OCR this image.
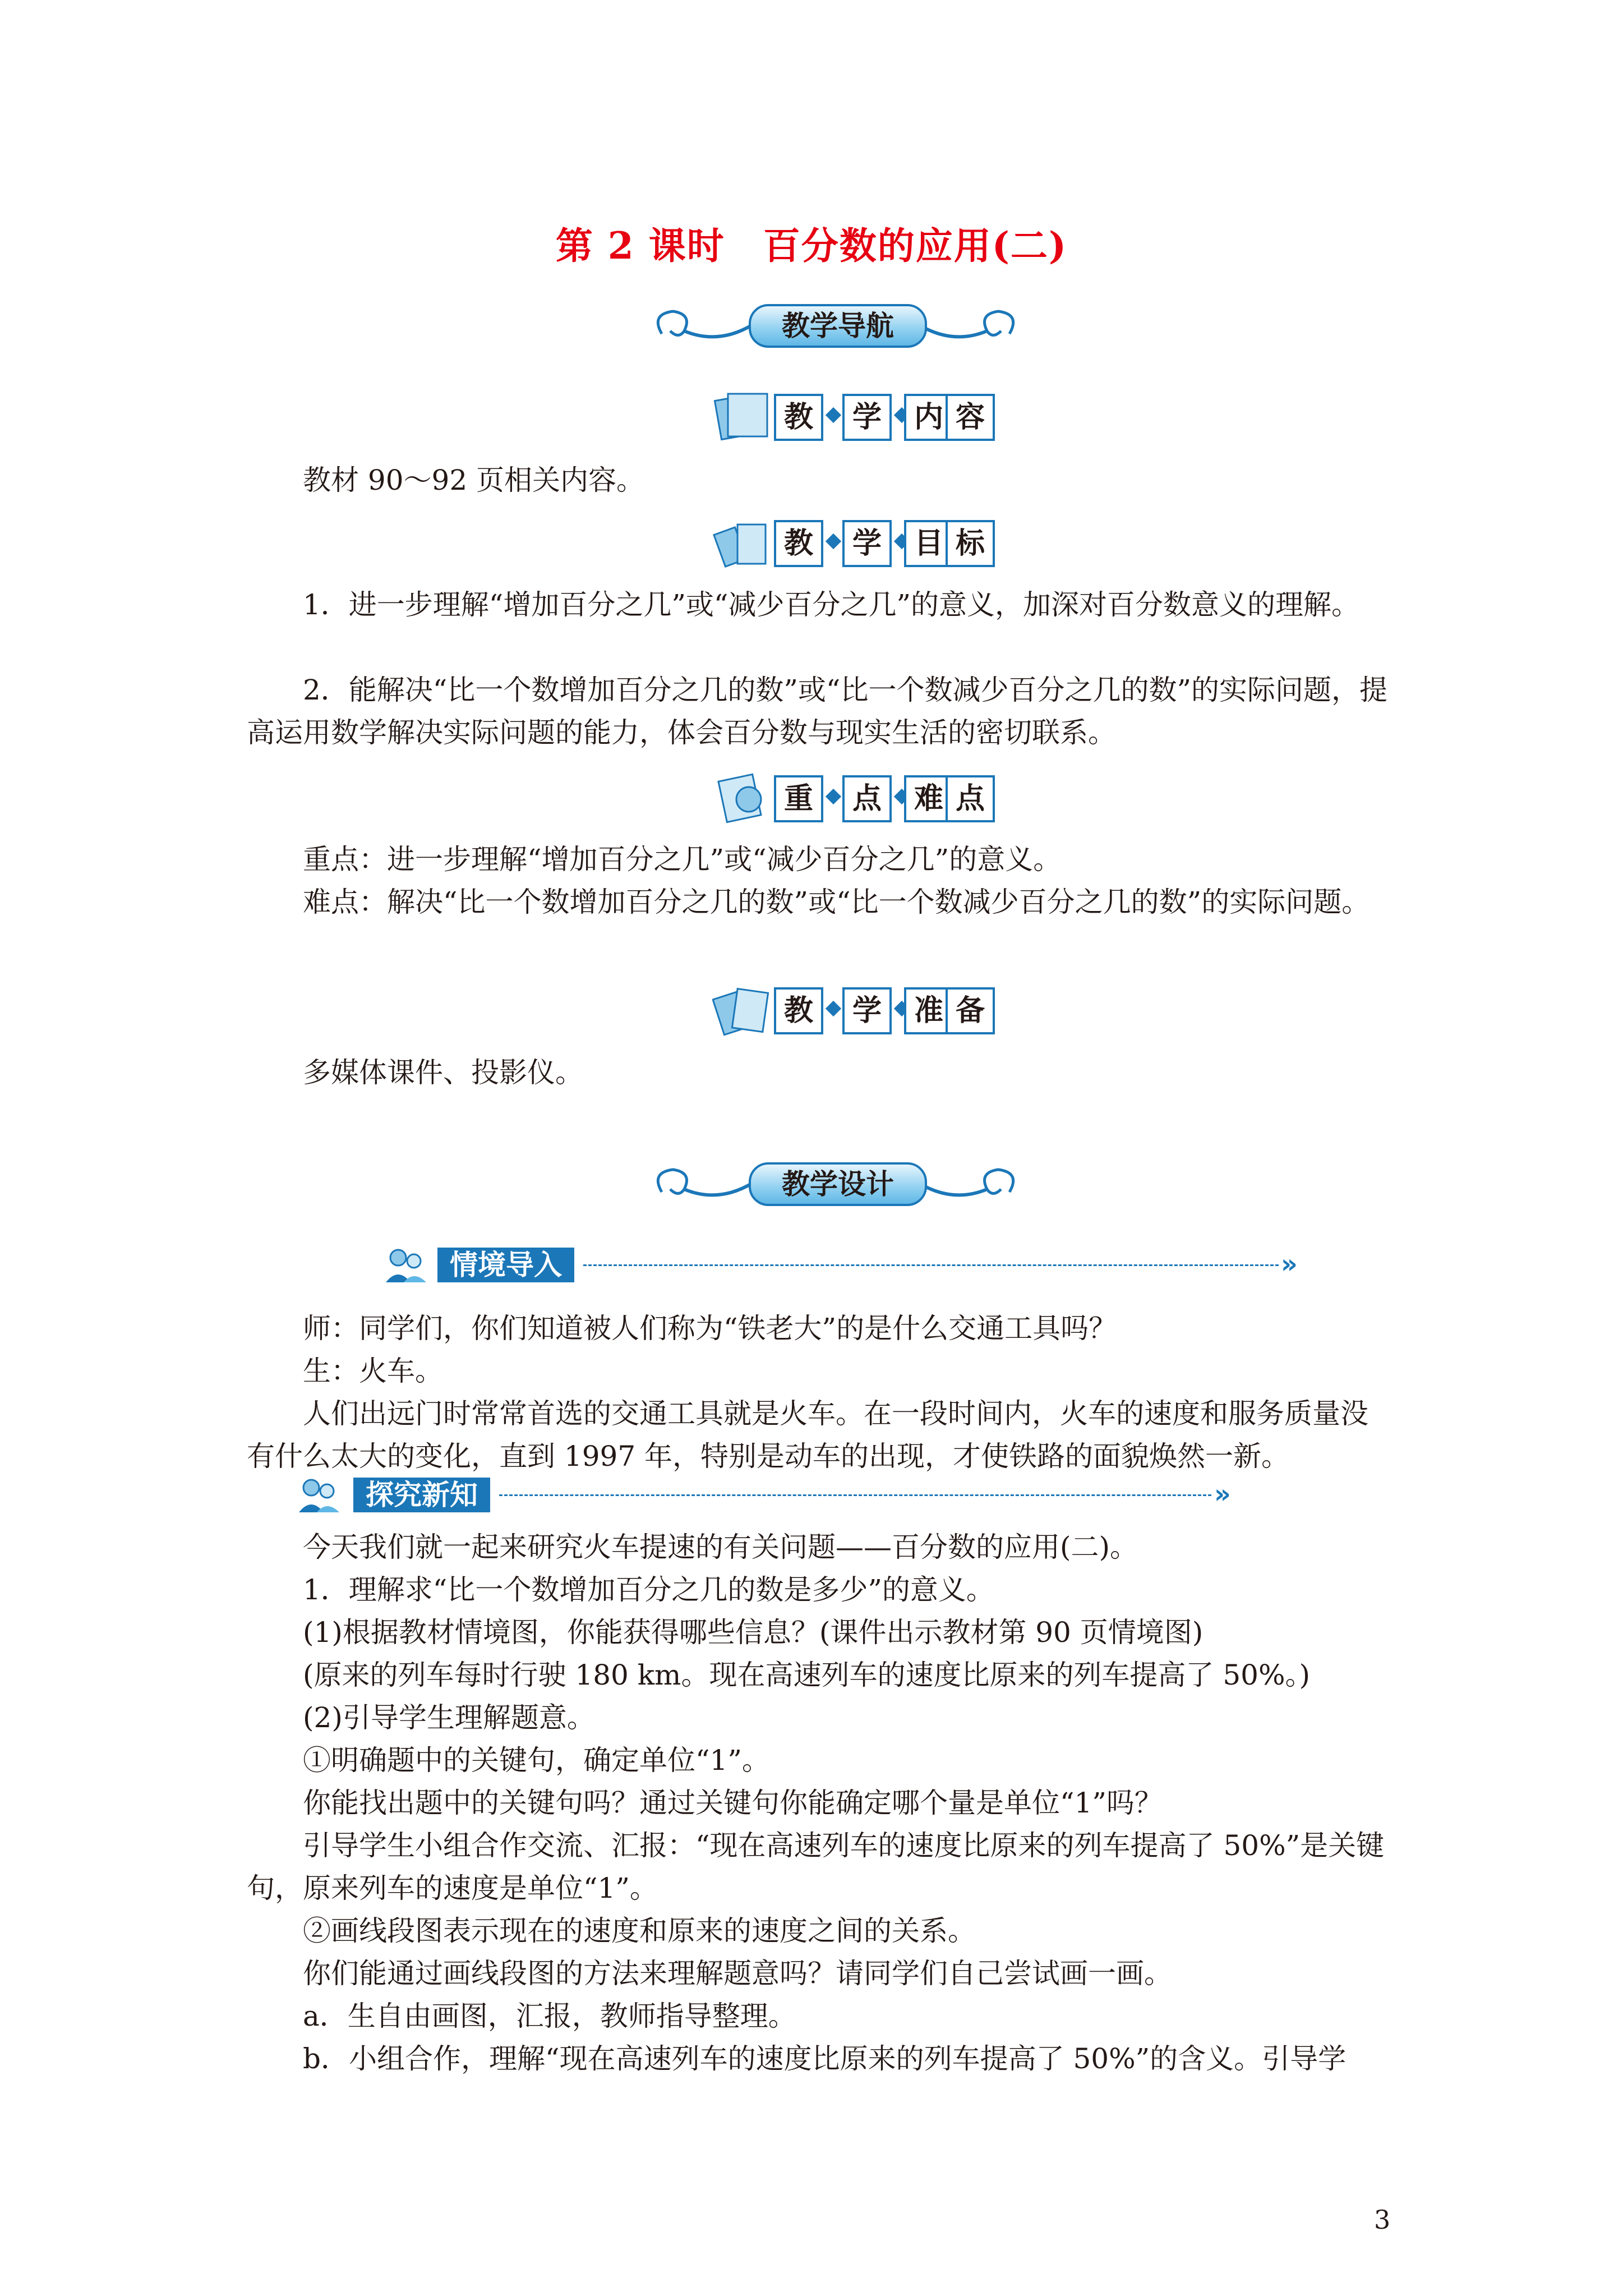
第 2 课时　百分数的应用(二)
教学导航
教	学	内 容
教材 90～92 页相关内容。
教	学	目 标
1．进一步理解“增加百分之几”或“减少百分之几”的意义，加深对百分数意义的理解。
2．能解决“比一个数增加百分之几的数”或“比一个数减少百分之几的数”的实际问题，提高运用数学解决实际问题的能力，体会百分数与现实生活的密切联系。
重	点	难 点
重点：进一步理解“增加百分之几”或“减少百分之几”的意义。
难点：解决“比一个数增加百分之几的数”或“比一个数减少百分之几的数”的实际问题。
教	学	准 备
多媒体课件、投影仪。
教学设计
情境导入	»
师：同学们，你们知道被人们称为“铁老大”的是什么交通工具吗？
生：火车。
人们出远门时常常首选的交通工具就是火车。在一段时间内，火车的速度和服务质量没有什么太大的变化，直到 1997 年，特别是动车的出现，才使铁路的面貌焕然一新。
探究新知	»
今天我们就一起来研究火车提速的有关问题——百分数的应用(二)。
1．理解求“比一个数增加百分之几的数是多少”的意义。
(1)根据教材情境图，你能获得哪些信息？(课件出示教材第 90 页情境图)
(原来的列车每时行驶 180 km。现在高速列车的速度比原来的列车提高了 50%。)
(2)引导学生理解题意。
①明确题中的关键句，确定单位“1”。
你能找出题中的关键句吗？通过关键句你能确定哪个量是单位“1”吗？
引导学生小组合作交流、汇报：“现在高速列车的速度比原来的列车提高了 50%”是关键句，原来列车的速度是单位“1”。
②画线段图表示现在的速度和原来的速度之间的关系。
你们能通过画线段图的方法来理解题意吗？请同学们自己尝试画一画。
a．生自由画图，汇报，教师指导整理。
b．小组合作，理解“现在高速列车的速度比原来的列车提高了 50%”的含义。引导学
3
